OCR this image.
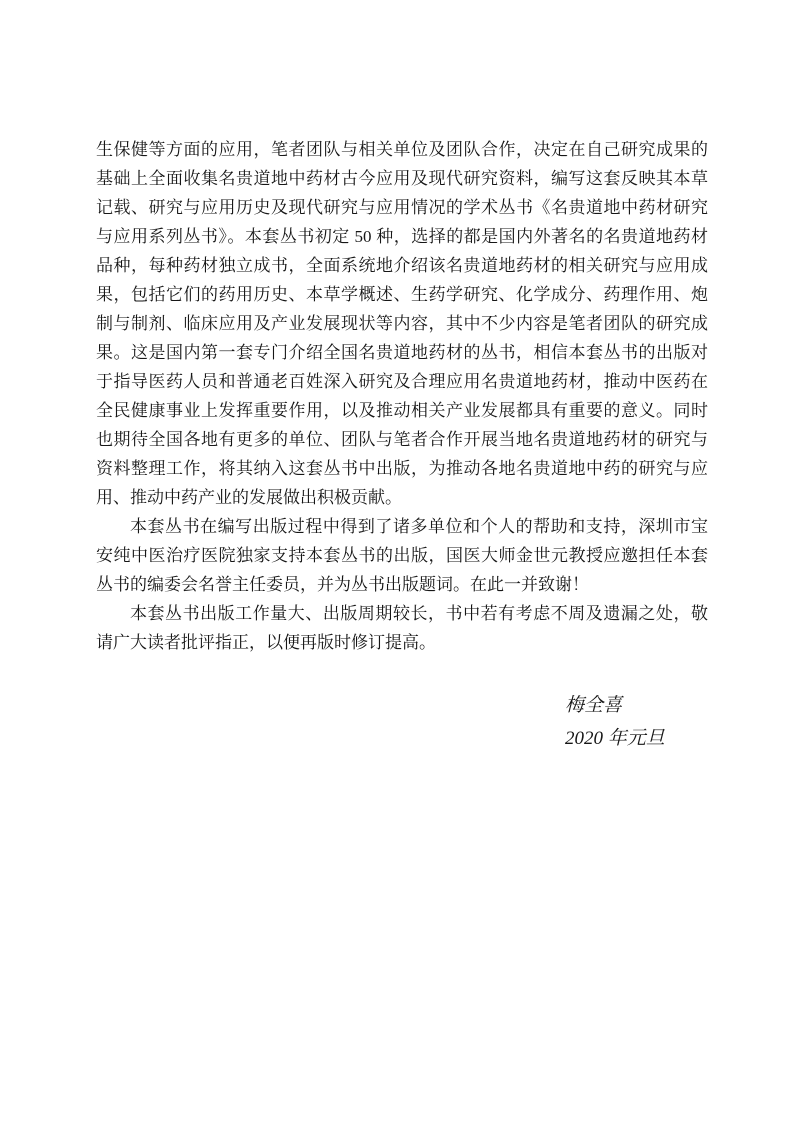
生保健等方面的应用，笔者团队与相关单位及团队合作，决定在自己研究成果的
基础上全面收集名贵道地中药材古今应用及现代研究资料，编写这套反映其本草
记载、研究与应用历史及现代研究与应用情况的学术丛书《名贵道地中药材研究
与应用系列丛书》。本套丛书初定 50 种，选择的都是国内外著名的名贵道地药材
品种，每种药材独立成书，全面系统地介绍该名贵道地药材的相关研究与应用成
果，包括它们的药用历史、本草学概述、生药学研究、化学成分、药理作用、炮
制与制剂、临床应用及产业发展现状等内容，其中不少内容是笔者团队的研究成
果。这是国内第一套专门介绍全国名贵道地药材的丛书，相信本套丛书的出版对
于指导医药人员和普通老百姓深入研究及合理应用名贵道地药材，推动中医药在
全民健康事业上发挥重要作用，以及推动相关产业发展都具有重要的意义。同时
也期待全国各地有更多的单位、团队与笔者合作开展当地名贵道地药材的研究与
资料整理工作，将其纳入这套丛书中出版，为推动各地名贵道地中药的研究与应
用、推动中药产业的发展做出积极贡献。
本套丛书在编写出版过程中得到了诸多单位和个人的帮助和支持，深圳市宝
安纯中医治疗医院独家支持本套丛书的出版，国医大师金世元教授应邀担任本套
丛书的编委会名誉主任委员，并为丛书出版题词。在此一并致谢！
本套丛书出版工作量大、出版周期较长，书中若有考虑不周及遗漏之处，敬
请广大读者批评指正，以便再版时修订提高。
梅全喜
2020 年元旦
